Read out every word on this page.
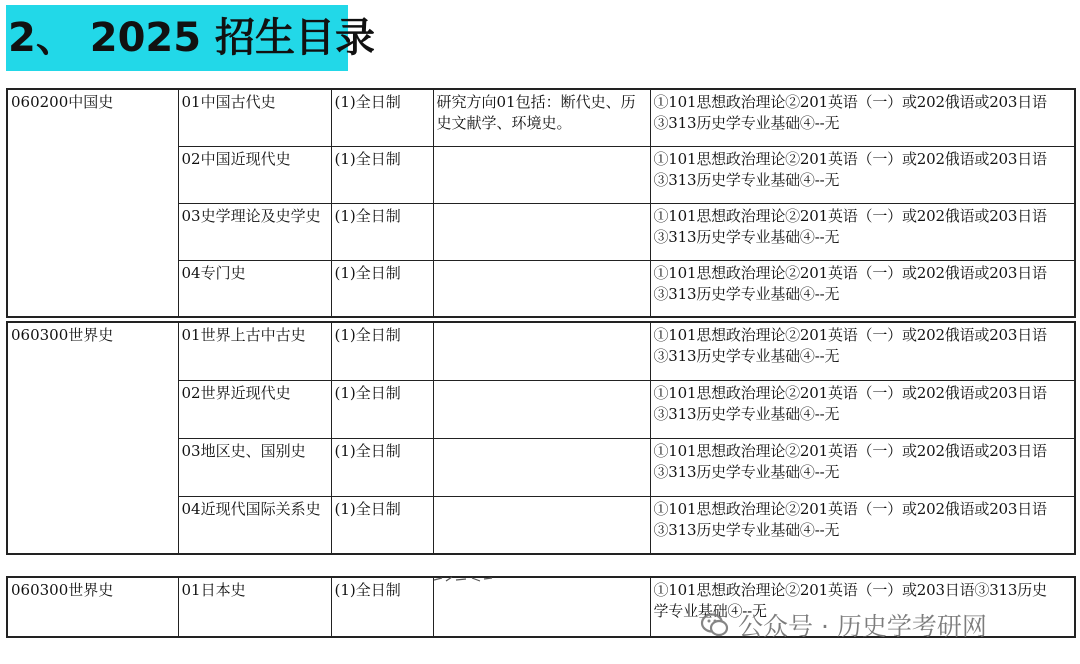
2、 2025 招生目录
060200中国史	01中国古代史	(1)全日制	研究方向01包括：断代史、历史文献学、环境史。	①101思想政治理论②201英语（一）或202俄语或203日语
③313历史学专业基础④--无

	02中国近现代史	(1)全日制		①101思想政治理论②201英语（一）或202俄语或203日语
③313历史学专业基础④--无

	03史学理论及史学史	(1)全日制		①101思想政治理论②201英语（一）或202俄语或203日语
③313历史学专业基础④--无

	04专门史	(1)全日制		①101思想政治理论②201英语（一）或202俄语或203日语
③313历史学专业基础④--无
060300世界史	01世界上古中古史	(1)全日制		①101思想政治理论②201英语（一）或202俄语或203日语
③313历史学专业基础④--无

	02世界近现代史	(1)全日制		①101思想政治理论②201英语（一）或202俄语或203日语
③313历史学专业基础④--无

	03地区史、国别史	(1)全日制		①101思想政治理论②201英语（一）或202俄语或203日语
③313历史学专业基础④--无

	04近现代国际关系史	(1)全日制		①101思想政治理论②201英语（一）或202俄语或203日语
③313历史学专业基础④--无
060300世界史	01日本史	(1)全日制		①101思想政治理论②201英语（一）或203日语③313历史
学专业基础④--无
公众号 · 历史学考研网
